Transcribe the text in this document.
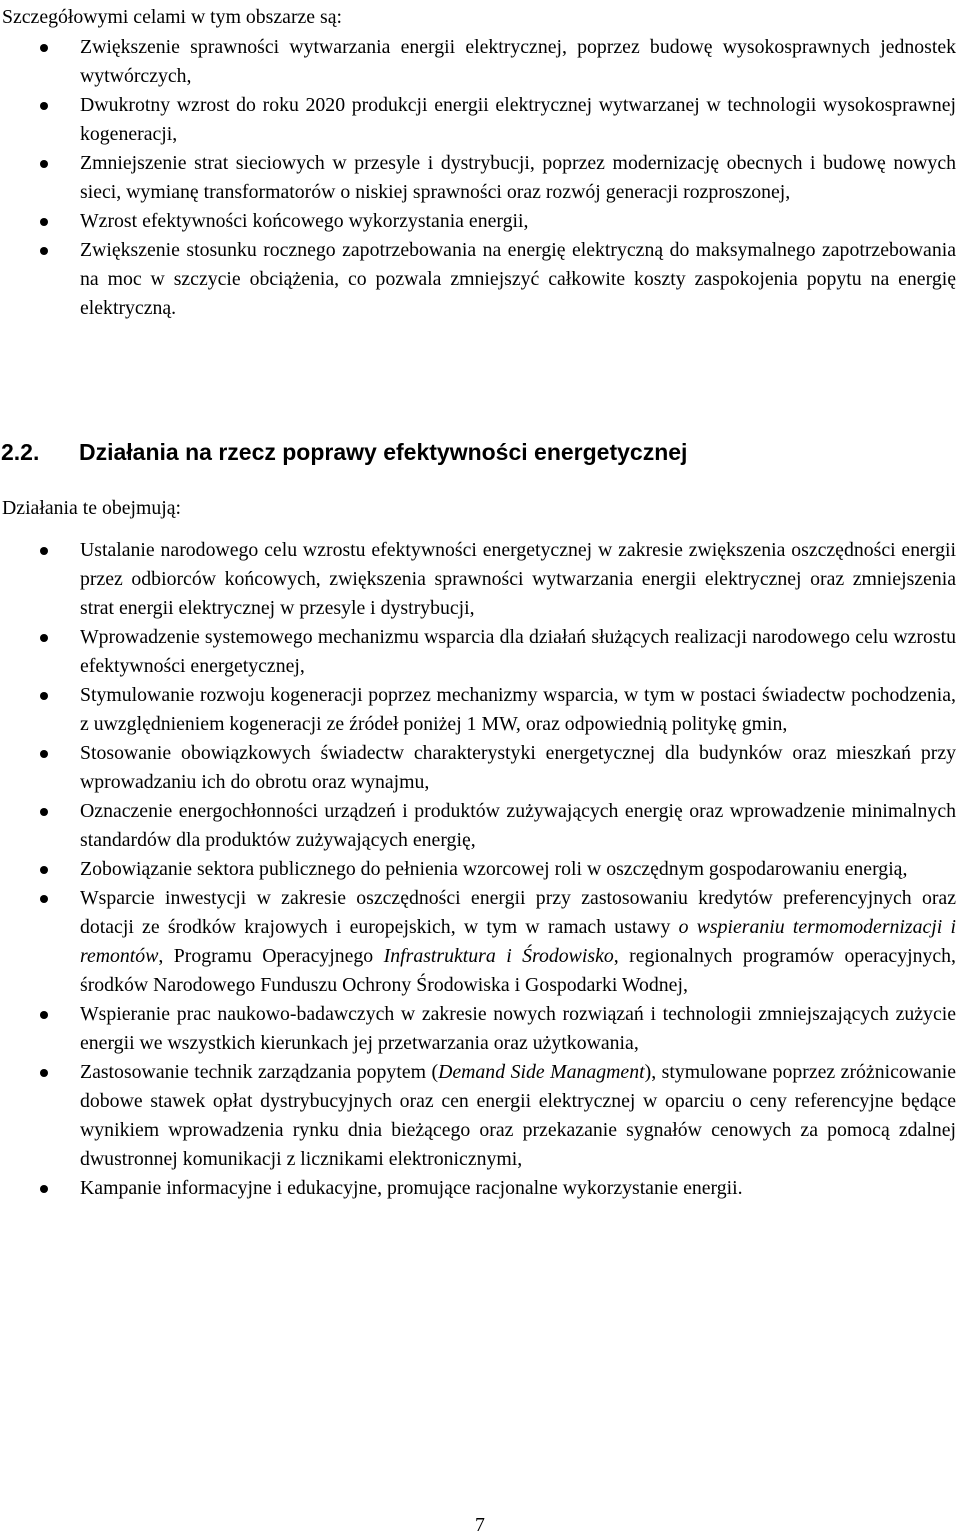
Szczegółowymi celami w tym obszarze są:

Zwiększenie sprawności wytwarzania energii elektrycznej, poprzez budowę wysokosprawnych jednostek wytwórczych,
Dwukrotny wzrost do roku 2020 produkcji energii elektrycznej wytwarzanej w technologii wysokosprawnej kogeneracji,
Zmniejszenie strat sieciowych w przesyle i dystrybucji, poprzez modernizację obecnych i budowę nowych sieci, wymianę transformatorów o niskiej sprawności oraz rozwój generacji rozproszonej,
Wzrost efektywności końcowego wykorzystania energii,
Zwiększenie stosunku rocznego zapotrzebowania na energię elektryczną do maksymalnego zapotrzebowania na moc w szczycie obciążenia, co pozwala zmniejszyć całkowite koszty zaspokojenia popytu na energię elektryczną.
2.2. Działania na rzecz poprawy efektywności energetycznej

Działania te obejmują:

Ustalanie narodowego celu wzrostu efektywności energetycznej w zakresie zwiększenia oszczędności energii przez odbiorców końcowych, zwiększenia sprawności wytwarzania energii elektrycznej oraz zmniejszenia strat energii elektrycznej w przesyle i dystrybucji,
Wprowadzenie systemowego mechanizmu wsparcia dla działań służących realizacji narodowego celu wzrostu efektywności energetycznej,
Stymulowanie rozwoju kogeneracji poprzez mechanizmy wsparcia, w tym w postaci świadectw pochodzenia, z uwzględnieniem kogeneracji ze źródeł poniżej 1 MW, oraz odpowiednią politykę gmin,
Stosowanie obowiązkowych świadectw charakterystyki energetycznej dla budynków oraz mieszkań przy wprowadzaniu ich do obrotu oraz wynajmu,
Oznaczenie energochłonności urządzeń i produktów zużywających energię oraz wprowadzenie minimalnych standardów dla produktów zużywających energię,
Zobowiązanie sektora publicznego do pełnienia wzorcowej roli w oszczędnym gospodarowaniu energią,
Wsparcie inwestycji w zakresie oszczędności energii przy zastosowaniu kredytów preferencyjnych oraz dotacji ze środków krajowych i europejskich, w tym w ramach ustawy o wspieraniu termomodernizacji i remontów, Programu Operacyjnego Infrastruktura i Środowisko, regionalnych programów operacyjnych, środków Narodowego Funduszu Ochrony Środowiska i Gospodarki Wodnej,
Wspieranie prac naukowo-badawczych w zakresie nowych rozwiązań i technologii zmniejszających zużycie energii we wszystkich kierunkach jej przetwarzania oraz użytkowania,
Zastosowanie technik zarządzania popytem (Demand Side Managment), stymulowane poprzez zróżnicowanie dobowe stawek opłat dystrybucyjnych oraz cen energii elektrycznej w oparciu o ceny referencyjne będące wynikiem wprowadzenia rynku dnia bieżącego oraz przekazanie sygnałów cenowych za pomocą zdalnej dwustronnej komunikacji z licznikami elektronicznymi,
Kampanie informacyjne i edukacyjne, promujące racjonalne wykorzystanie energii.
7
